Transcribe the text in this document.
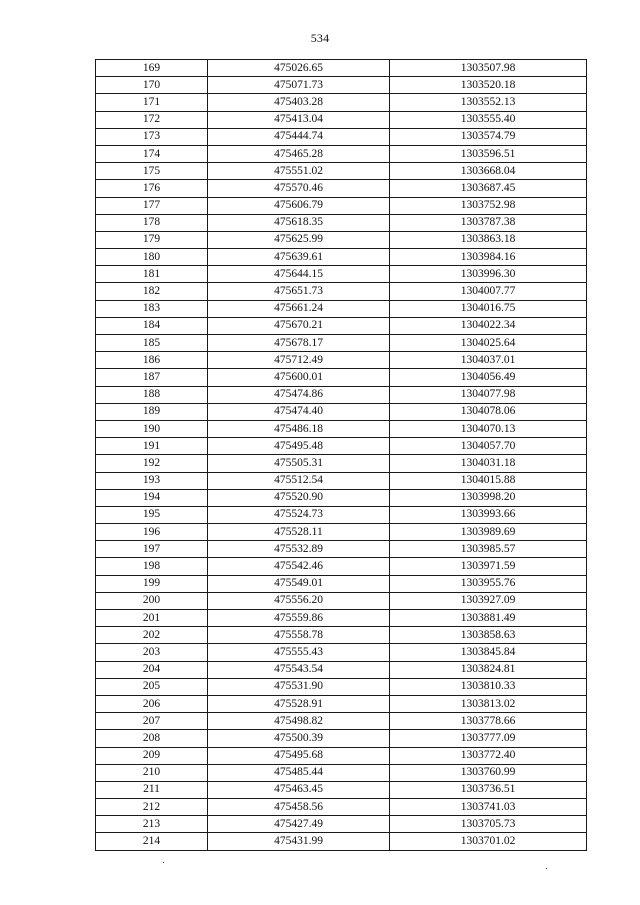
534
169	475026.65	1303507.98
170	475071.73	1303520.18
171	475403.28	1303552.13
172	475413.04	1303555.40
173	475444.74	1303574.79
174	475465.28	1303596.51
175	475551.02	1303668.04
176	475570.46	1303687.45
177	475606.79	1303752.98
178	475618.35	1303787.38
179	475625.99	1303863.18
180	475639.61	1303984.16
181	475644.15	1303996.30
182	475651.73	1304007.77
183	475661.24	1304016.75
184	475670.21	1304022.34
185	475678.17	1304025.64
186	475712.49	1304037.01
187	475600.01	1304056.49
188	475474.86	1304077.98
189	475474.40	1304078.06
190	475486.18	1304070.13
191	475495.48	1304057.70
192	475505.31	1304031.18
193	475512.54	1304015.88
194	475520.90	1303998.20
195	475524.73	1303993.66
196	475528.11	1303989.69
197	475532.89	1303985.57
198	475542.46	1303971.59
199	475549.01	1303955.76
200	475556.20	1303927.09
201	475559.86	1303881.49
202	475558.78	1303858.63
203	475555.43	1303845.84
204	475543.54	1303824.81
205	475531.90	1303810.33
206	475528.91	1303813.02
207	475498.82	1303778.66
208	475500.39	1303777.09
209	475495.68	1303772.40
210	475485.44	1303760.99
211	475463.45	1303736.51
212	475458.56	1303741.03
213	475427.49	1303705.73
214	475431.99	1303701.02
